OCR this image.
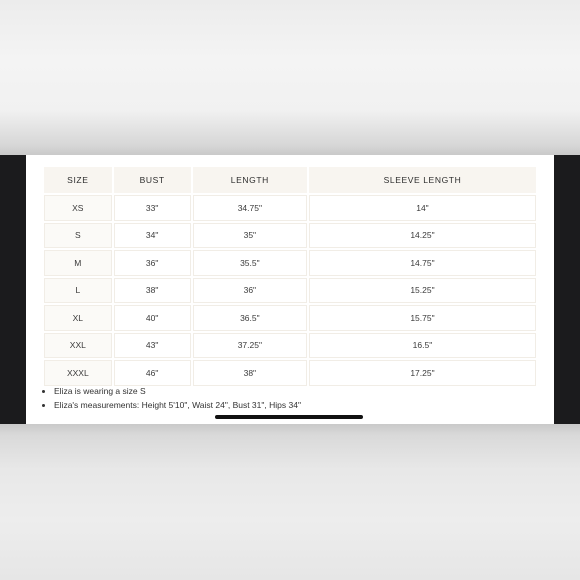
SIZE	BUST	LENGTH	SLEEVE LENGTH
XS	33''	34.75"	14"
S	34''	35"	14.25"
M	36''	35.5"	14.75"
L	38''	36"	15.25"
XL	40''	36.5"	15.75"
XXL	43''	37.25"	16.5"
XXXL	46''	38"	17.25"
• Eliza is wearing a size S
• Eliza's measurements: Height 5'10", Waist 24", Bust 31", Hips 34"
